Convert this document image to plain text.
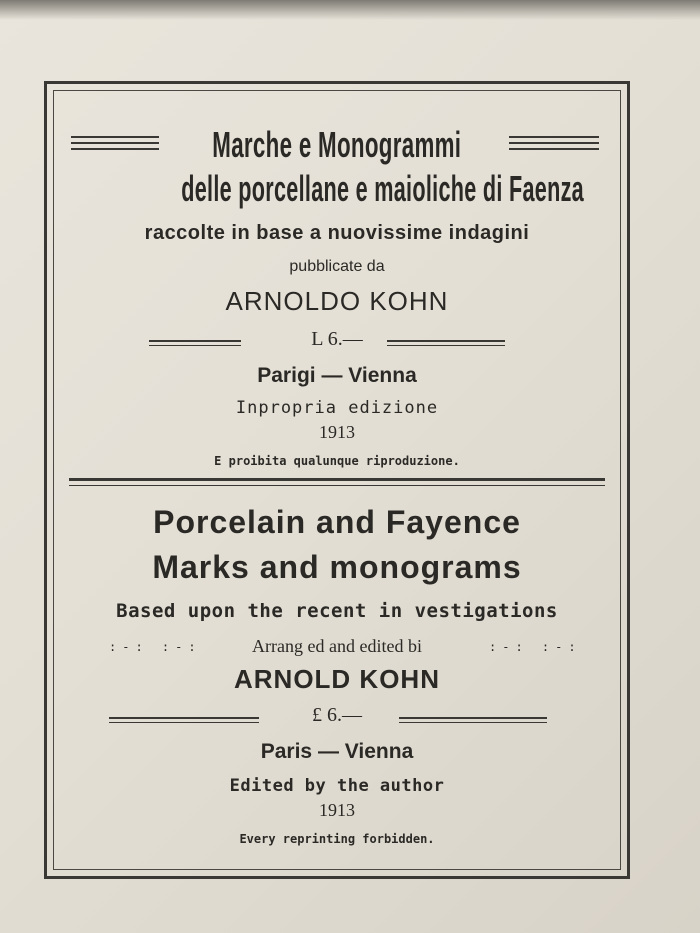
Marche e Monogrammi
delle porcellane e maioliche di Faenza
raccolte in base a nuovissime indagini
pubblicate da
ARNOLDO KOHN
L 6.—
Parigi — Vienna
Inpropria edizione
1913
E proibita qualunque riproduzione.
Porcelain and Fayence
Marks and monograms
Based upon the recent in vestigations
:-: :-:	:-: :-:
Arrang ed and edited bi
ARNOLD KOHN
£ 6.—
Paris — Vienna
Edited by the author
1913
Every reprinting forbidden.
